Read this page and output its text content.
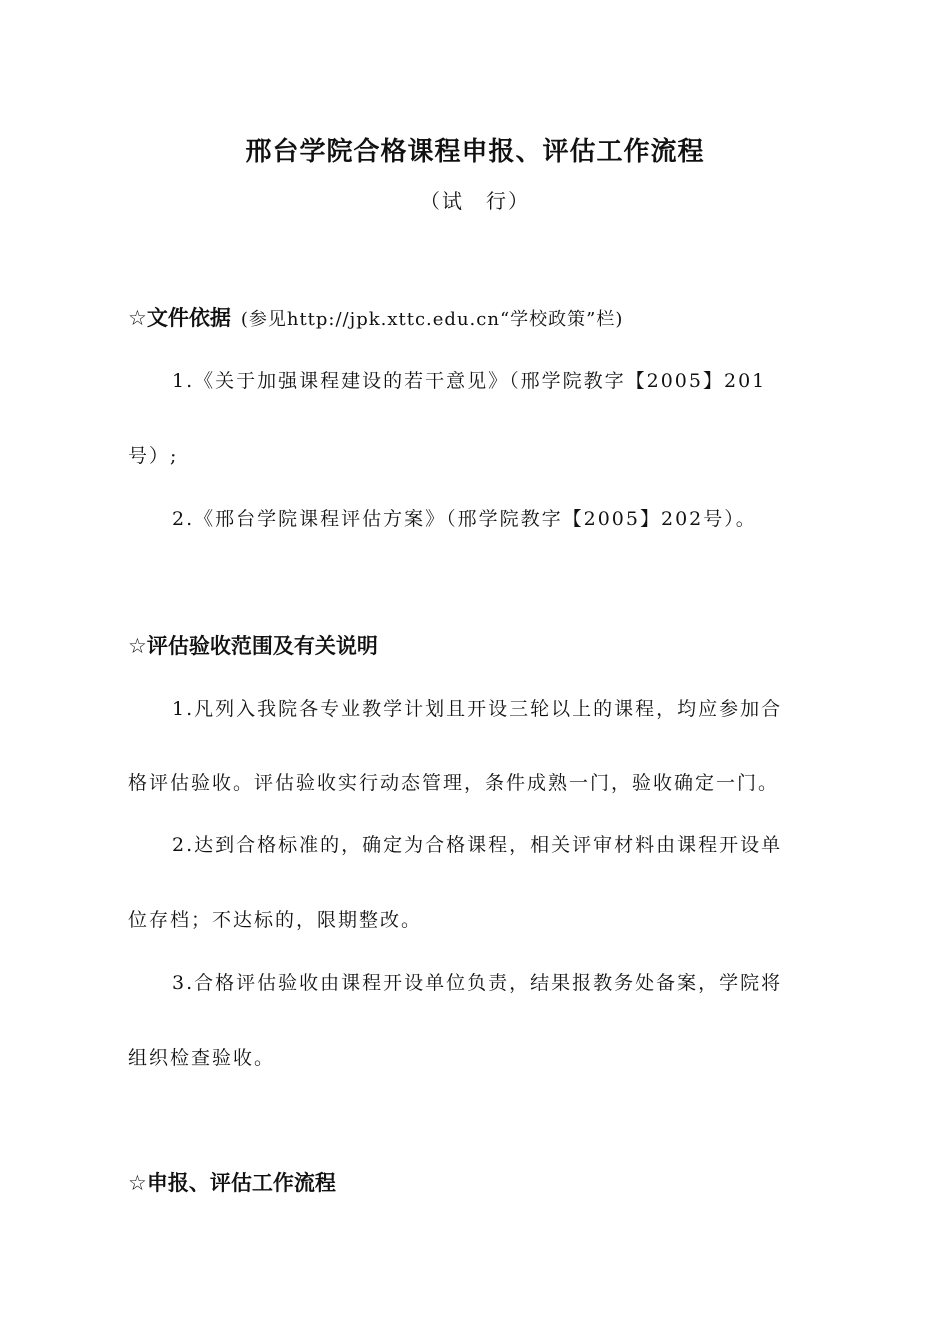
邢台学院合格课程申报、评估工作流程
（试　行）
☆文件依据 (参见http://jpk.xttc.edu.cn“学校政策”栏)
1.《关于加强课程建设的若干意见》（邢学院教字【2005】201
号）;
2.《邢台学院课程评估方案》（邢学院教字【2005】202号）。
☆评估验收范围及有关说明
1.凡列入我院各专业教学计划且开设三轮以上的课程，均应参加合
格评估验收。评估验收实行动态管理，条件成熟一门，验收确定一门。
2.达到合格标准的，确定为合格课程，相关评审材料由课程开设单
位存档；不达标的，限期整改。
3.合格评估验收由课程开设单位负责，结果报教务处备案，学院将
组织检查验收。
☆申报、评估工作流程
